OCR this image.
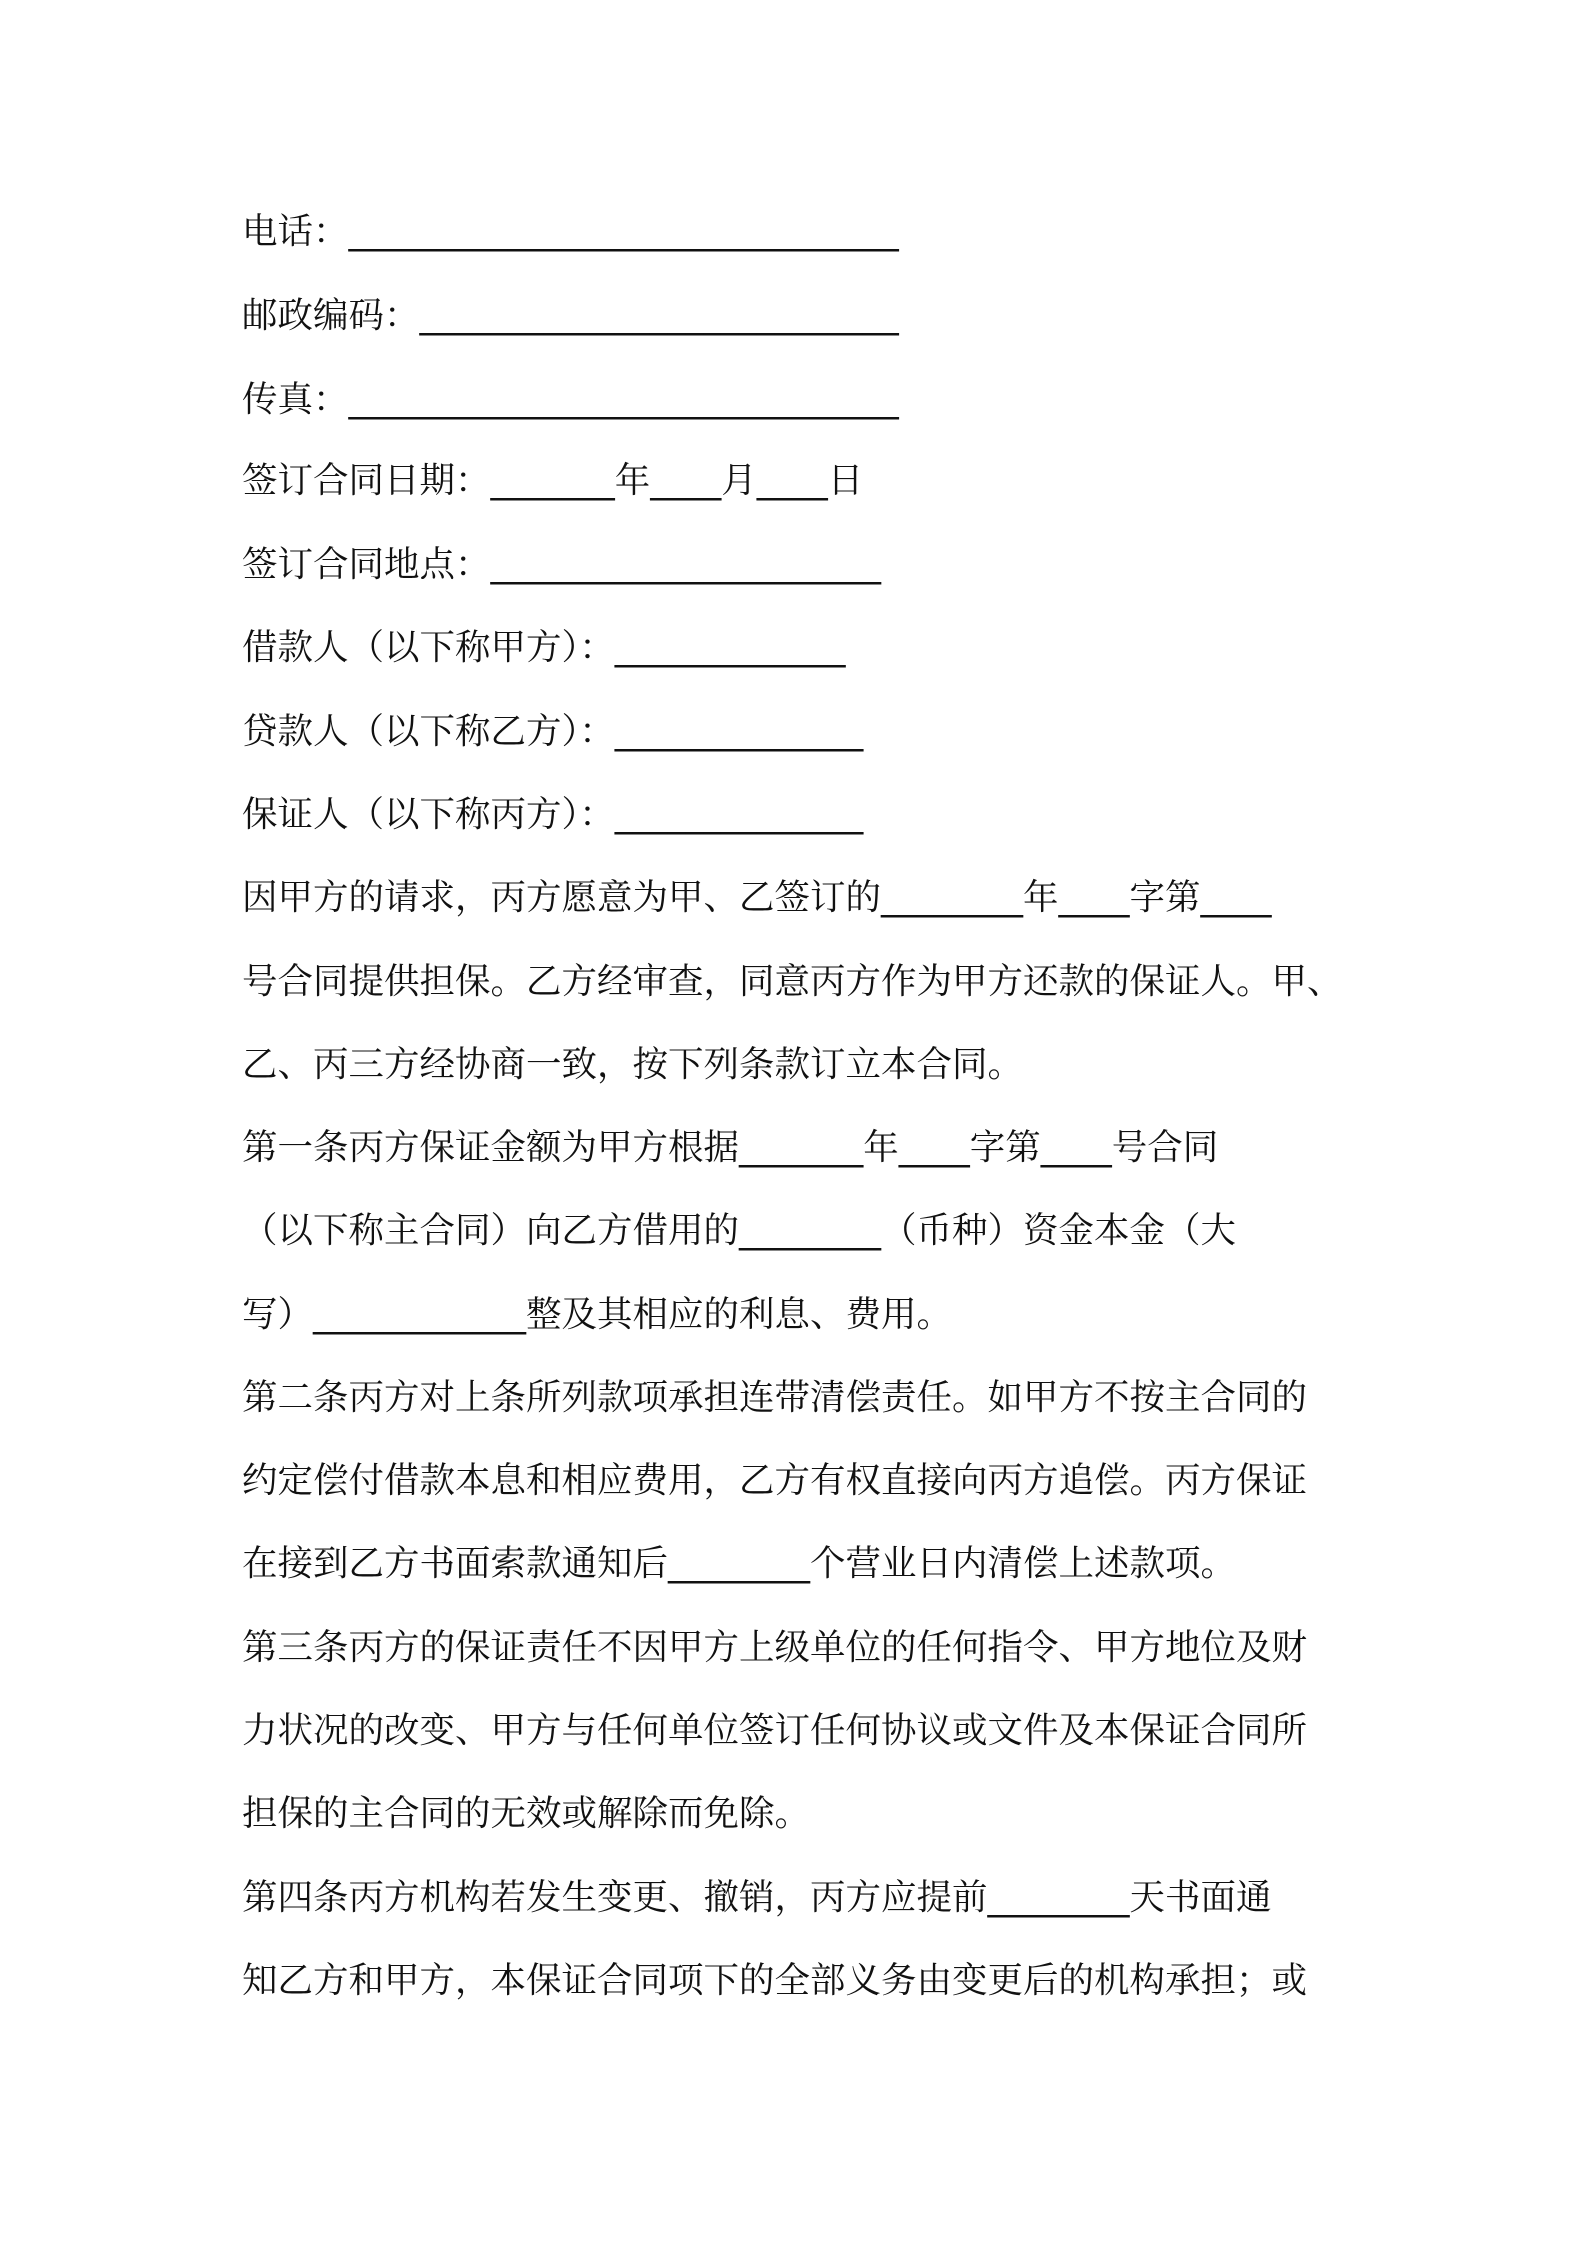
电话：_______________________________
邮政编码：___________________________
传真：_______________________________
签订合同日期：_______年____月____日
签订合同地点：______________________
借款人（以下称甲方）：_____________
贷款人（以下称乙方）：______________
保证人（以下称丙方）：______________
因甲方的请求，丙方愿意为甲、乙签订的________年____字第____
号合同提供担保。乙方经审查，同意丙方作为甲方还款的保证人。甲、
乙、丙三方经协商一致，按下列条款订立本合同。
第一条丙方保证金额为甲方根据_______年____字第____号合同
（以下称主合同）向乙方借用的________（币种）资金本金（大
写）____________整及其相应的利息、费用。
第二条丙方对上条所列款项承担连带清偿责任。如甲方不按主合同的
约定偿付借款本息和相应费用，乙方有权直接向丙方追偿。丙方保证
在接到乙方书面索款通知后________个营业日内清偿上述款项。
第三条丙方的保证责任不因甲方上级单位的任何指令、甲方地位及财
力状况的改变、甲方与任何单位签订任何协议或文件及本保证合同所
担保的主合同的无效或解除而免除。
第四条丙方机构若发生变更、撤销，丙方应提前________天书面通
知乙方和甲方，本保证合同项下的全部义务由变更后的机构承担；或
